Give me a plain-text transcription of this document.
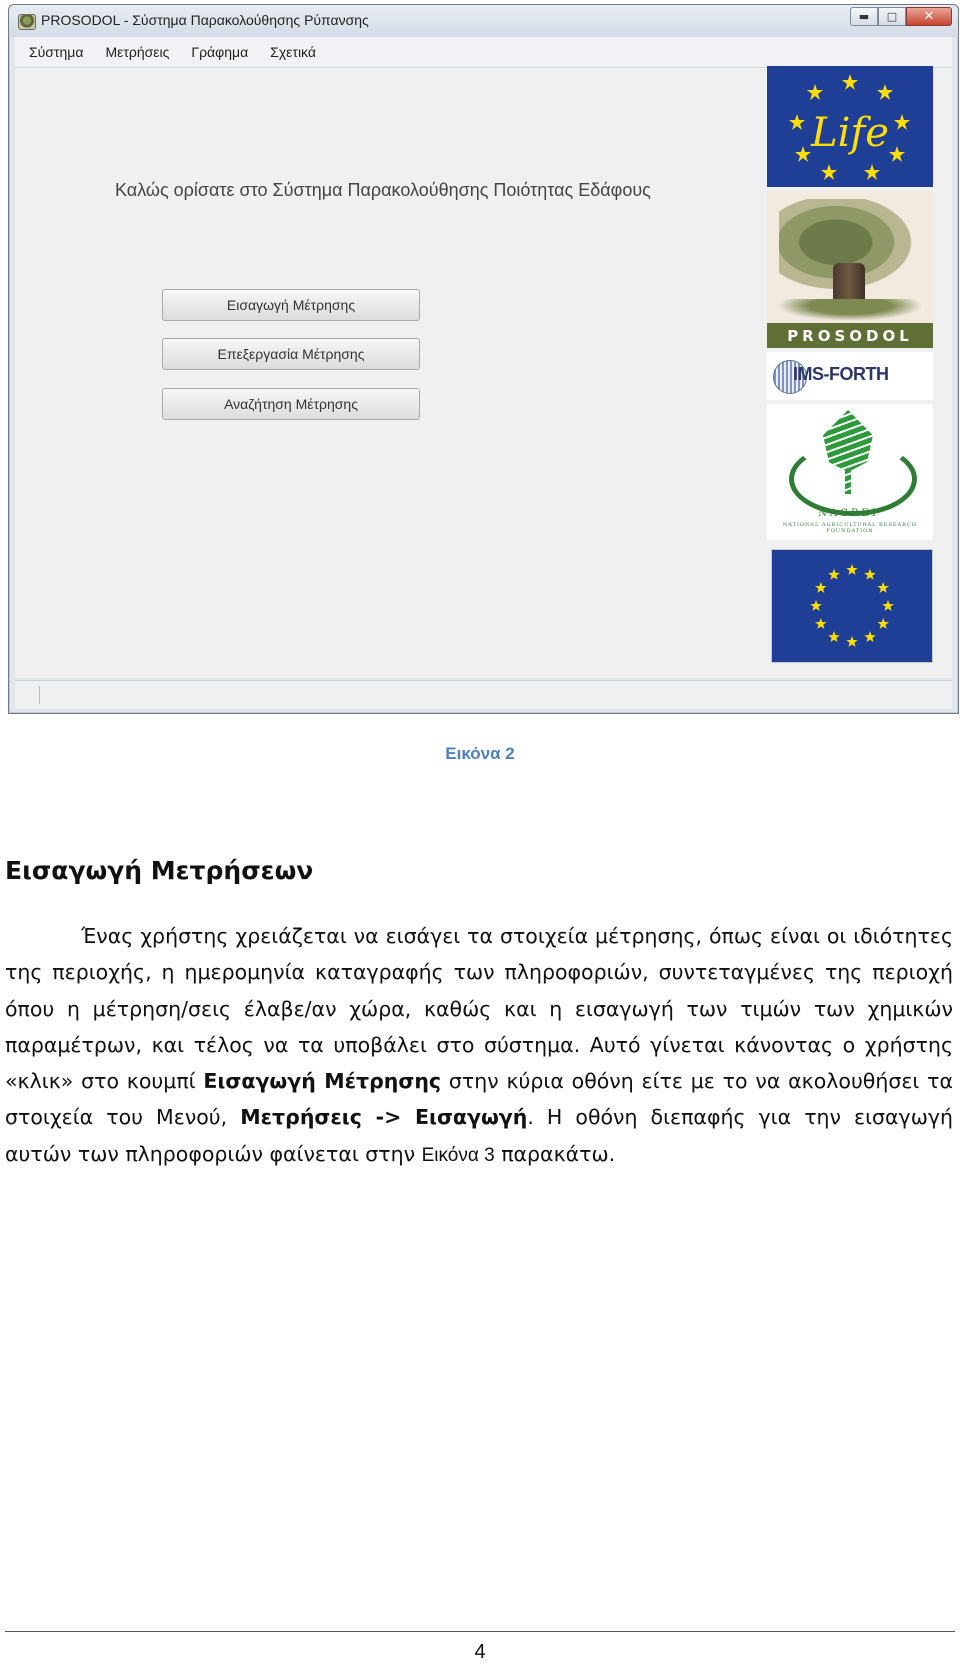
PROSODOL - Σύστημα Παρακολούθησης Ρύπανσης	▬	□	✕
Σύστημα Μετρήσεις Γράφημα Σχετικά
Καλώς ορίσατε στο Σύστημα Παρακολούθησης Ποιότητας Εδάφους
Εισαγωγή Μέτρησης
Επεξεργασία Μέτρησης
Αναζήτηση Μέτρησης
Life
PROSODOL
IMS-FORTH
NAGREF
NATIONAL AGRICULTURAL RESEARCH FOUNDATION
Εικόνα 2
Εισαγωγή Μετρήσεων
Ένας χρήστης χρειάζεται να εισάγει τα στοιχεία μέτρησης, όπως είναι οι ιδιότητες της περιοχής, η ημερομηνία καταγραφής των πληροφοριών, συντεταγμένες της περιοχή όπου η μέτρηση/σεις έλαβε/αν χώρα, καθώς και η εισαγωγή των τιμών των χημικών παραμέτρων, και τέλος να τα υποβάλει στο σύστημα. Αυτό γίνεται κάνοντας ο χρήστης «κλικ» στο κουμπί Εισαγωγή Μέτρησης στην κύρια οθόνη είτε με το να ακολουθήσει τα στοιχεία του Μενού, Μετρήσεις -> Εισαγωγή. Η οθόνη διεπαφής για την εισαγωγή αυτών των πληροφοριών φαίνεται στην Εικόνα 3 παρακάτω.
4
